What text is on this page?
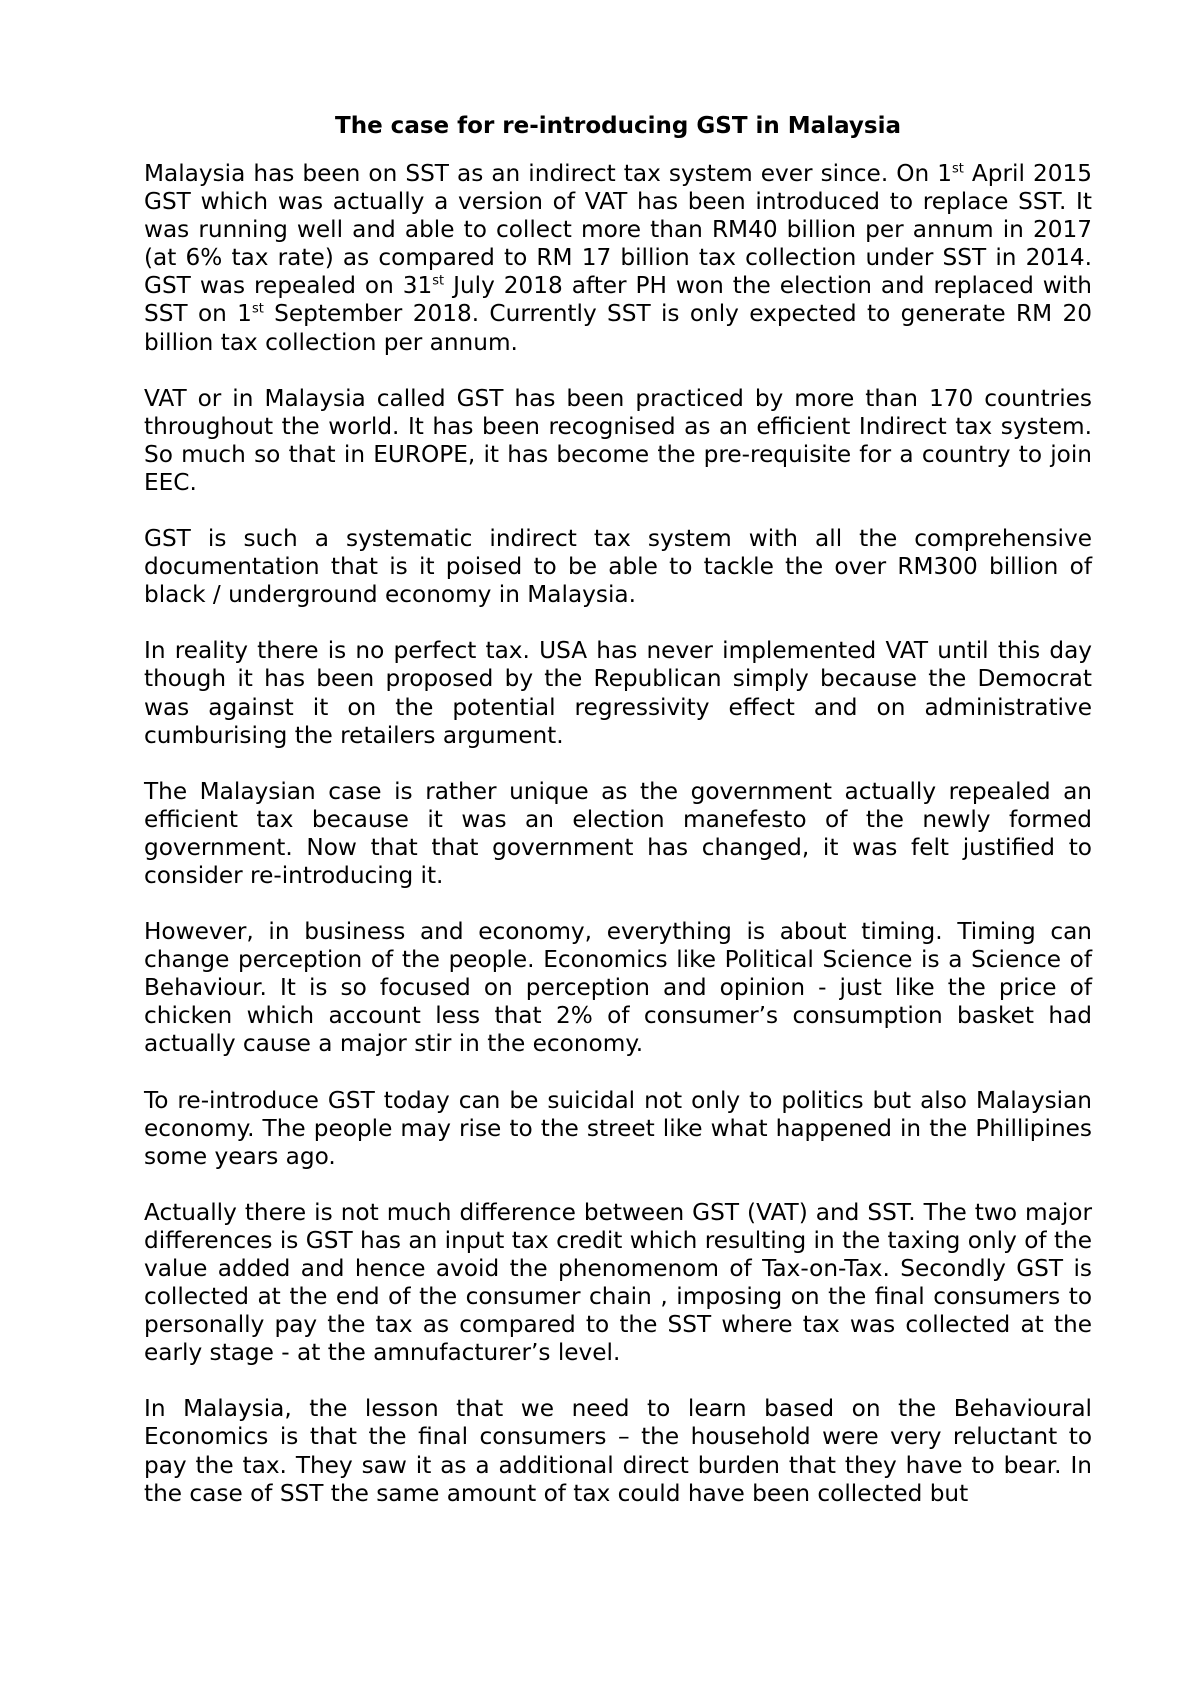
The case for re-introducing GST in Malaysia

Malaysia has been on SST as an indirect tax system ever since. On 1st April 2015 GST which was actually a version of VAT has been introduced to replace SST. It was running well and able to collect more than RM40 billion per annum in 2017 (at 6% tax rate) as compared to RM 17 billion tax collection under SST in 2014. GST was repealed on 31st July 2018 after PH won the election and replaced with SST on 1st September 2018. Currently SST is only expected to generate RM 20 billion tax collection per annum.

VAT or in Malaysia called GST has been practiced by more than 170 countries throughout the world. It has been recognised as an efficient Indirect tax system. So much so that in EUROPE, it has become the pre-requisite for a country to join EEC.

GST is such a systematic indirect tax system with all the comprehensive documentation that is it poised to be able to tackle the over RM300 billion of black / underground economy in Malaysia.

In reality there is no perfect tax. USA has never implemented VAT until this day though it has been proposed by the Republican simply because the Democrat was against it on the potential regressivity effect and on administrative cumburising the retailers argument.

The Malaysian case is rather unique as the government actually repealed an efficient tax because it was an election manefesto of the newly formed government. Now that that government has changed, it was felt justified to consider re-introducing it.

However, in business and economy, everything is about timing. Timing can change perception of the people. Economics like Political Science is a Science of Behaviour. It is so focused on perception and opinion - just like the price of chicken which account less that 2% of consumer’s consumption basket had actually cause a major stir in the economy.

To re-introduce GST today can be suicidal not only to politics but also Malaysian economy. The people may rise to the street like what happened in the Phillipines some years ago.

Actually there is not much difference between GST (VAT) and SST. The two major differences is GST has an input tax credit which resulting in the taxing only of the value added and hence avoid the phenomenom of Tax-on-Tax. Secondly GST is collected at the end of the consumer chain , imposing on the final consumers to personally pay the tax as compared to the SST where tax was collected at the early stage - at the amnufacturer’s level.

In Malaysia, the lesson that we need to learn based on the Behavioural Economics is that the final consumers – the household were very reluctant to pay the tax. They saw it as a additional direct burden that they have to bear. In the case of SST the same amount of tax could have been collected but
